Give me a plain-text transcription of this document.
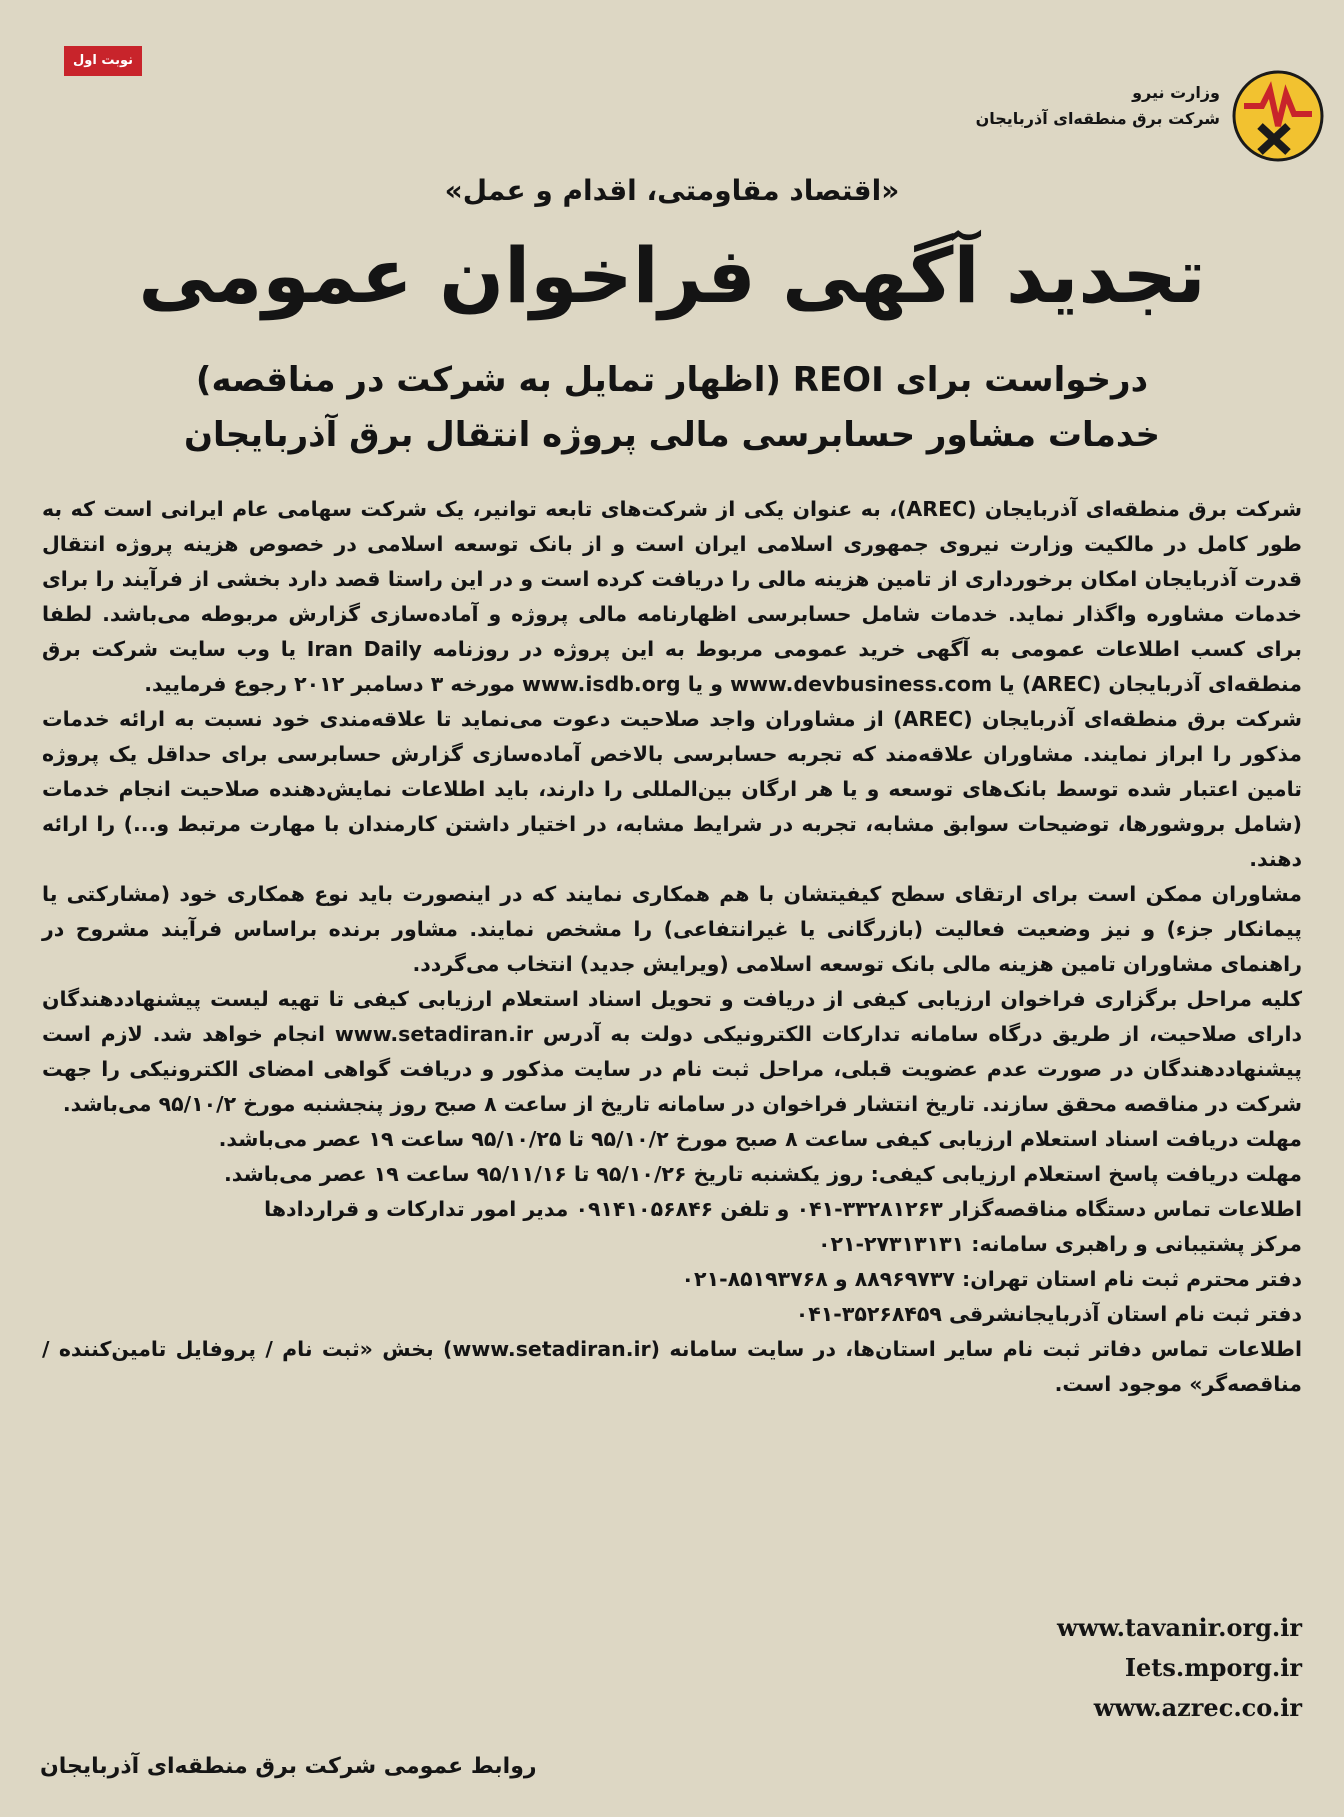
نوبت اول
وزارت نیرو
شرکت برق منطقه‌ای آذربایجان
«اقتصاد مقاومتی، اقدام و عمل»
تجدید آگهی فراخوان عمومی
درخواست برای REOI (اظهار تمایل به شرکت در مناقصه)
خدمات مشاور حسابرسی مالی پروژه انتقال برق آذربایجان

شرکت برق منطقه‌ای آذربایجان (AREC)، به عنوان یکی از شرکت‌های تابعه توانیر، یک شرکت سهامی عام ایرانی است که به طور کامل در مالکیت وزارت نیروی جمهوری اسلامی ایران است و از بانک توسعه اسلامی در خصوص هزینه پروژه انتقال قدرت آذربایجان امکان برخورداری از تامین هزینه مالی را دریافت کرده است و در این راستا قصد دارد بخشی از فرآیند را برای خدمات مشاوره واگذار نماید. خدمات شامل حسابرسی اظهارنامه مالی پروژه و آماده‌سازی گزارش مربوطه می‌باشد. لطفا برای کسب اطلاعات عمومی به آگهی خرید عمومی مربوط به این پروژه در روزنامه Iran Daily یا وب سایت شرکت برق منطقه‌ای آذربایجان (AREC) یا www.devbusiness.com و یا www.isdb.org مورخه ۳ دسامبر ۲۰۱۲ رجوع فرمایید.

شرکت برق منطقه‌ای آذربایجان (AREC) از مشاوران واجد صلاحیت دعوت می‌نماید تا علاقه‌مندی خود نسبت به ارائه خدمات مذکور را ابراز نمایند. مشاوران علاقه‌مند که تجربه حسابرسی بالاخص آماده‌سازی گزارش حسابرسی برای حداقل یک پروژه تامین اعتبار شده توسط بانک‌های توسعه و یا هر ارگان بین‌المللی را دارند، باید اطلاعات نمایش‌دهنده صلاحیت انجام خدمات (شامل بروشورها، توضیحات سوابق مشابه، تجربه در شرایط مشابه، در اختیار داشتن کارمندان با مهارت مرتبط و...) را ارائه دهند.

مشاوران ممکن است برای ارتقای سطح کیفیتشان با هم همکاری نمایند که در اینصورت باید نوع همکاری خود (مشارکتی یا پیمانکار جزء) و نیز وضعیت فعالیت (بازرگانی یا غیرانتفاعی) را مشخص نمایند. مشاور برنده براساس فرآیند مشروح در راهنمای مشاوران تامین هزینه مالی بانک توسعه اسلامی (ویرایش جدید) انتخاب می‌گردد.

کلیه مراحل برگزاری فراخوان ارزیابی کیفی از دریافت و تحویل اسناد استعلام ارزیابی کیفی تا تهیه لیست پیشنهاددهندگان دارای صلاحیت، از طریق درگاه سامانه تدارکات الکترونیکی دولت به آدرس www.setadiran.ir انجام خواهد شد. لازم است پیشنهاددهندگان در صورت عدم عضویت قبلی، مراحل ثبت نام در سایت مذکور و دریافت گواهی امضای الکترونیکی را جهت شرکت در مناقصه محقق سازند. تاریخ انتشار فراخوان در سامانه تاریخ از ساعت ۸ صبح روز پنجشنبه مورخ ۹۵/۱۰/۲ می‌باشد.

مهلت دریافت اسناد استعلام ارزیابی کیفی ساعت ۸ صبح مورخ ۹۵/۱۰/۲ تا ۹۵/۱۰/۲۵ ساعت ۱۹ عصر می‌باشد.

مهلت دریافت پاسخ استعلام ارزیابی کیفی: روز یکشنبه تاریخ ۹۵/۱۰/۲۶ تا ۹۵/۱۱/۱۶ ساعت ۱۹ عصر می‌باشد.

اطلاعات تماس دستگاه مناقصه‌گزار ۳۳۲۸۱۲۶۳-۰۴۱ و تلفن ۰۹۱۴۱۰۵۶۸۴۶ مدیر امور تدارکات و قراردادها

مرکز پشتیبانی و راهبری سامانه: ۲۷۳۱۳۱۳۱-۰۲۱

دفتر محترم ثبت نام استان تهران: ۸۸۹۶۹۷۳۷ و ۸۵۱۹۳۷۶۸-۰۲۱

دفتر ثبت نام استان آذربایجانشرقی ۳۵۲۶۸۴۵۹-۰۴۱

اطلاعات تماس دفاتر ثبت نام سایر استان‌ها، در سایت سامانه (www.setadiran.ir) بخش «ثبت نام / پروفایل تامین‌کننده / مناقصه‌گر» موجود است.

www.tavanir.org.ir
Iets.mporg.ir
www.azrec.co.ir
روابط عمومی شرکت برق منطقه‌ای آذربایجان
